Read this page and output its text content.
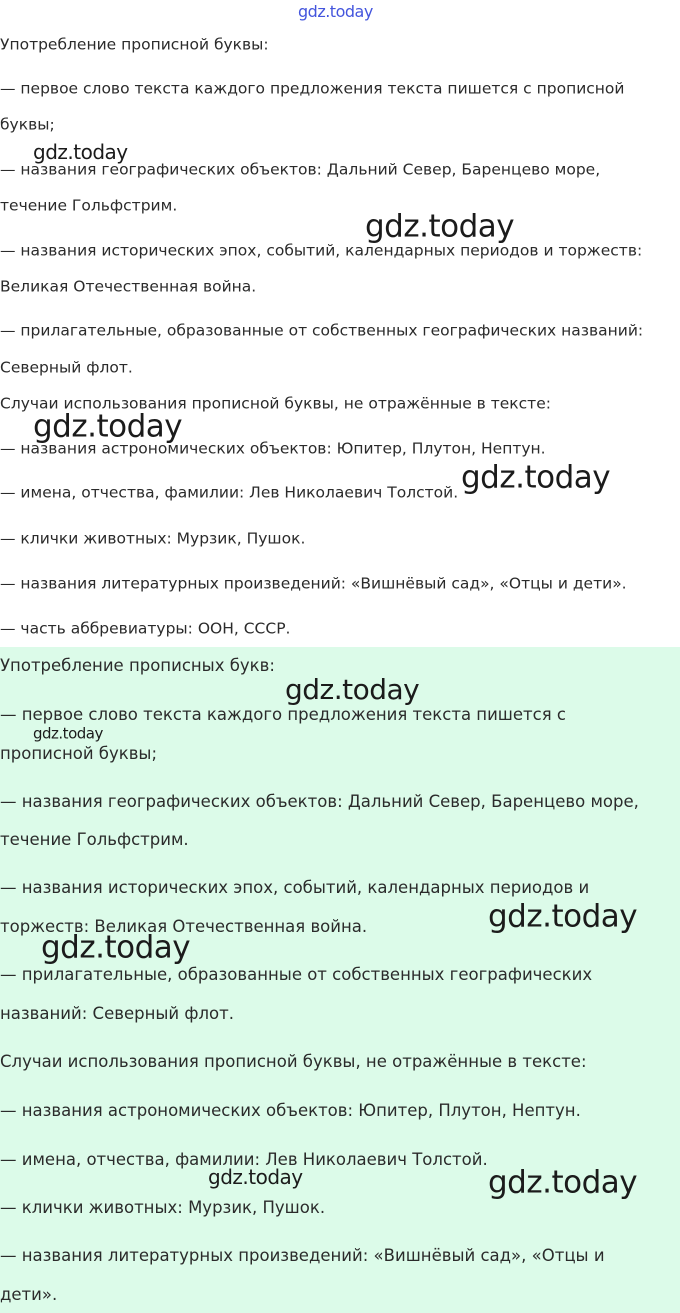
Употребление прописной буквы:
— первое слово текста каждого предложения текста пишется с прописной
буквы;
— названия географических объектов: Дальний Север, Баренцево море,
течение Гольфстрим.
— названия исторических эпох, событий, календарных периодов и торжеств:
Великая Отечественная война.
— прилагательные, образованные от собственных географических названий:
Северный флот.
Случаи использования прописной буквы, не отражённые в тексте:
— названия астрономических объектов: Юпитер, Плутон, Нептун.
— имена, отчества, фамилии: Лев Николаевич Толстой.
— клички животных: Мурзик, Пушок.
— названия литературных произведений: «Вишнёвый сад», «Отцы и дети».
— часть аббревиатуры: ООН, СССР.
Употребление прописных букв:
— первое слово текста каждого предложения текста пишется с
прописной буквы;
— названия географических объектов: Дальний Север, Баренцево море,
течение Гольфстрим.
— названия исторических эпох, событий, календарных периодов и
торжеств: Великая Отечественная война.
— прилагательные, образованные от собственных географических
названий: Северный флот.
Случаи использования прописной буквы, не отражённые в тексте:
— названия астрономических объектов: Юпитер, Плутон, Нептун.
— имена, отчества, фамилии: Лев Николаевич Толстой.
— клички животных: Мурзик, Пушок.
— названия литературных произведений: «Вишнёвый сад», «Отцы и
дети».
gdz.today
gdz.today
gdz.today
gdz.today
gdz.today
gdz.today
gdz.today
gdz.today
gdz.today
gdz.today	gdz.today
